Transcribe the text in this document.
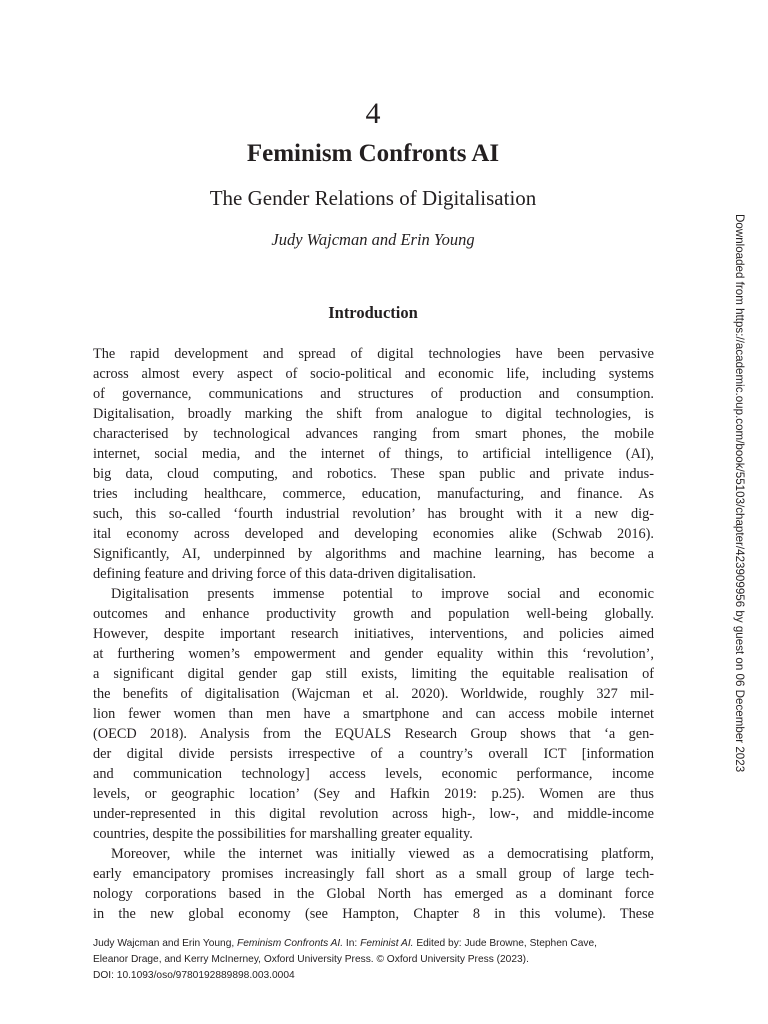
4
Feminism Confronts AI
The Gender Relations of Digitalisation
Judy Wajcman and Erin Young
Introduction
The rapid development and spread of digital technologies have been pervasive
across almost every aspect of socio-political and economic life, including systems
of governance, communications and structures of production and consumption.
Digitalisation, broadly marking the shift from analogue to digital technologies, is
characterised by technological advances ranging from smart phones, the mobile
internet, social media, and the internet of things, to artificial intelligence (AI),
big data, cloud computing, and robotics. These span public and private indus-
tries including healthcare, commerce, education, manufacturing, and finance. As
such, this so-called ‘fourth industrial revolution’ has brought with it a new dig-
ital economy across developed and developing economies alike (Schwab 2016).
Significantly, AI, underpinned by algorithms and machine learning, has become a
defining feature and driving force of this data-driven digitalisation.
Digitalisation presents immense potential to improve social and economic
outcomes and enhance productivity growth and population well-being globally.
However, despite important research initiatives, interventions, and policies aimed
at furthering women’s empowerment and gender equality within this ‘revolution’,
a significant digital gender gap still exists, limiting the equitable realisation of
the benefits of digitalisation (Wajcman et al. 2020). Worldwide, roughly 327 mil-
lion fewer women than men have a smartphone and can access mobile internet
(OECD 2018). Analysis from the EQUALS Research Group shows that ‘a gen-
der digital divide persists irrespective of a country’s overall ICT [information
and communication technology] access levels, economic performance, income
levels, or geographic location’ (Sey and Hafkin 2019: p.25). Women are thus
under-represented in this digital revolution across high-, low-, and middle-income
countries, despite the possibilities for marshalling greater equality.
Moreover, while the internet was initially viewed as a democratising platform,
early emancipatory promises increasingly fall short as a small group of large tech-
nology corporations based in the Global North has emerged as a dominant force
in the new global economy (see Hampton, Chapter 8 in this volume). These
Judy Wajcman and Erin Young, Feminism Confronts AI. In: Feminist AI. Edited by: Jude Browne, Stephen Cave,
Eleanor Drage, and Kerry McInerney, Oxford University Press. © Oxford University Press (2023).
DOI: 10.1093/oso/9780192889898.003.0004
Downloaded from https://academic.oup.com/book/55103/chapter/423909956 by guest on 06 December 2023
